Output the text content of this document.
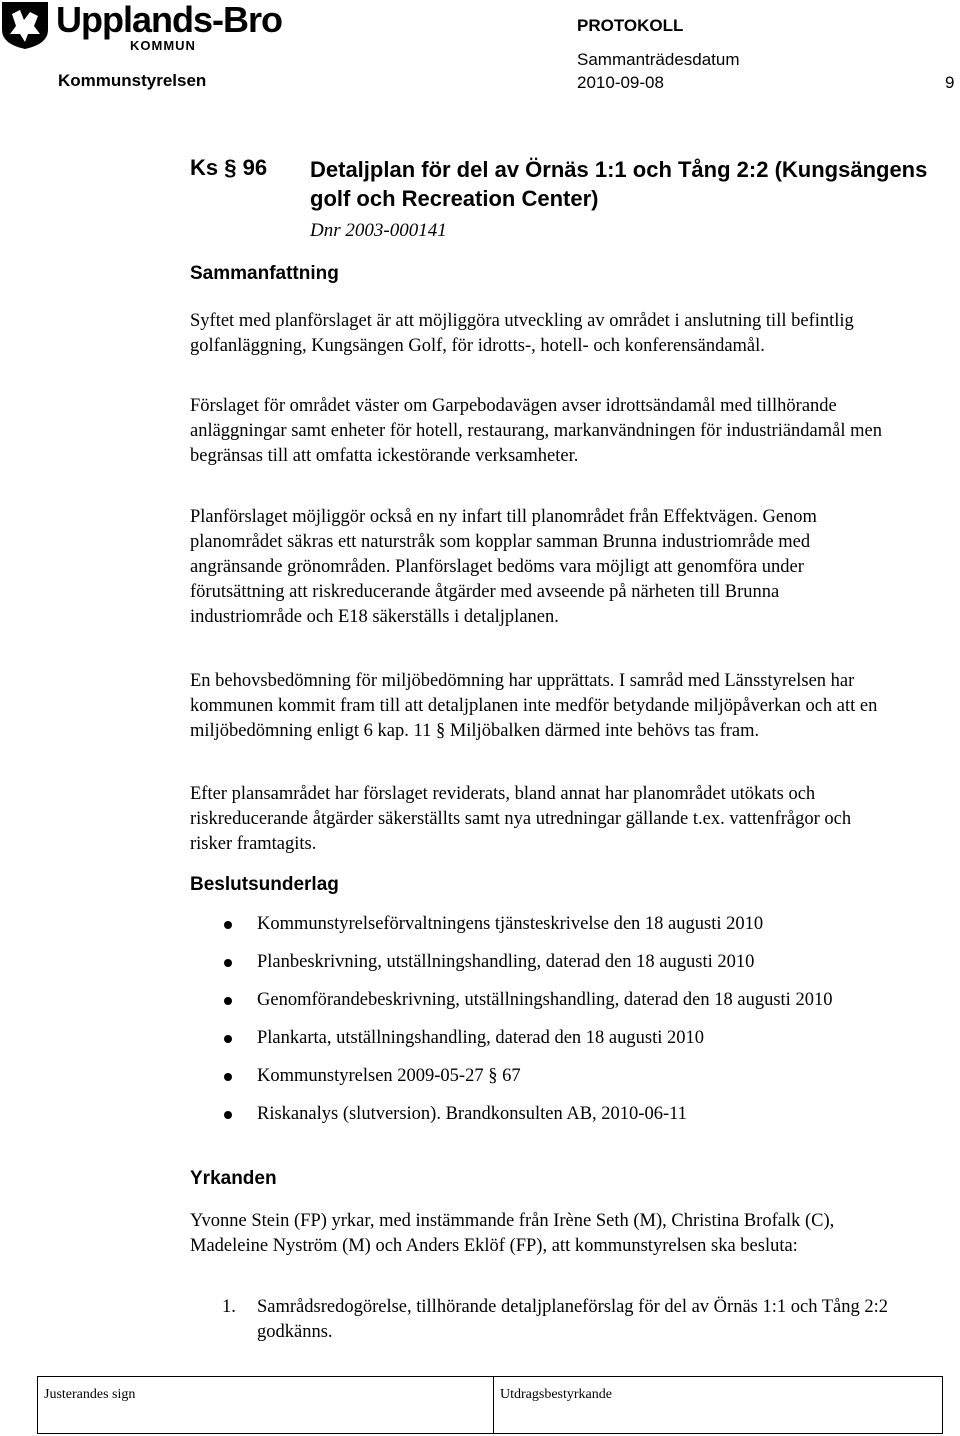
Upplands-Bro
KOMMUN
Kommunstyrelsen
PROTOKOLL
Sammanträdesdatum
2010-09-08	9
Ks § 96 Detaljplan för del av Örnäs 1:1 och Tång 2:2 (Kungsängens golf och Recreation Center)
Dnr 2003-000141
Sammanfattning

Syftet med planförslaget är att möjliggöra utveckling av området i anslutning till befintlig golfanläggning, Kungsängen Golf, för idrotts-, hotell- och konferensändamål.

Förslaget för området väster om Garpebodavägen avser idrottsändamål med tillhörande anläggningar samt enheter för hotell, restaurang, markanvändningen för industriändamål men begränsas till att omfatta ickestörande verksamheter.

Planförslaget möjliggör också en ny infart till planområdet från Effektvägen. Genom planområdet säkras ett naturstråk som kopplar samman Brunna industriområde med angränsande grönområden. Planförslaget bedöms vara möjligt att genomföra under förutsättning att riskreducerande åtgärder med avseende på närheten till Brunna industriområde och E18 säkerställs i detaljplanen.

En behovsbedömning för miljöbedömning har upprättats. I samråd med Länsstyrelsen har kommunen kommit fram till att detaljplanen inte medför betydande miljöpåverkan och att en miljöbedömning enligt 6 kap. 11 § Miljöbalken därmed inte behövs tas fram.

Efter plansamrådet har förslaget reviderats, bland annat har planområdet utökats och riskreducerande åtgärder säkerställts samt nya utredningar gällande t.ex. vattenfrågor och risker framtagits.

Beslutsunderlag
Kommunstyrelseförvaltningens tjänsteskrivelse den 18 augusti 2010
Planbeskrivning, utställningshandling, daterad den 18 augusti 2010
Genomförandebeskrivning, utställningshandling, daterad den 18 augusti 2010
Plankarta, utställningshandling, daterad den 18 augusti 2010
Kommunstyrelsen 2009-05-27 § 67
Riskanalys (slutversion). Brandkonsulten AB, 2010-06-11
Yrkanden

Yvonne Stein (FP) yrkar, med instämmande från Irène Seth (M), Christina Brofalk (C), Madeleine Nyström (M) och Anders Eklöf (FP), att kommunstyrelsen ska besluta:

1. Samrådsredogörelse, tillhörande detaljplaneförslag för del av Örnäs 1:1 och Tång 2:2 godkänns.
Justerandes sign	Utdragsbestyrkande
